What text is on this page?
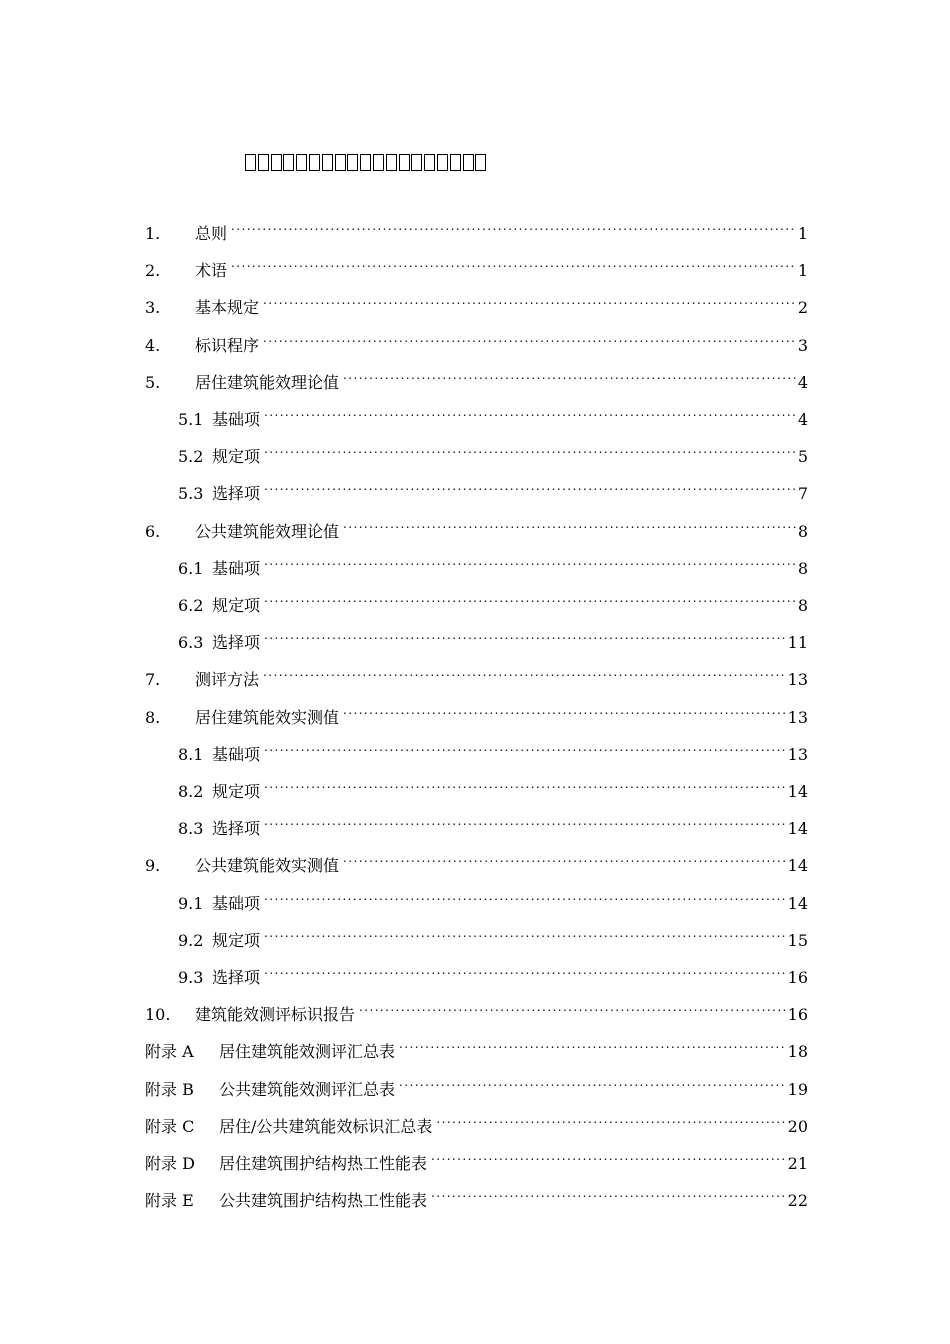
1.	总则 . . .	1
2.	术语 . . .	1
3.	基本规定 . . .	2
4.	标识程序 . . .	3
5.	居住建筑能效理论值 . . .	4
5.1 基础项 . . .	4
5.2 规定项 . . .	5
5.3 选择项 . . .	7
6.	公共建筑能效理论值 . . .	8
6.1 基础项 . . .	8
6.2 规定项 . . .	8
6.3 选择项 . . .	11
7.	测评方法 . . .	13
8.	居住建筑能效实测值 . . .	13
8.1 基础项 . . .	13
8.2 规定项 . . .	14
8.3 选择项 . . .	14
9.	公共建筑能效实测值 . . .	14
9.1 基础项 . . .	14
9.2 规定项 . . .	15
9.3 选择项 . . .	16
10.	建筑能效测评标识报告 . . .	16
附录 A	居住建筑能效测评汇总表 . . .	18
附录 B	公共建筑能效测评汇总表 . . .	19
附录 C	居住/公共建筑能效标识汇总表 . . .	20
附录 D	居住建筑围护结构热工性能表 . . .	21
附录 E	公共建筑围护结构热工性能表 . . .	22
